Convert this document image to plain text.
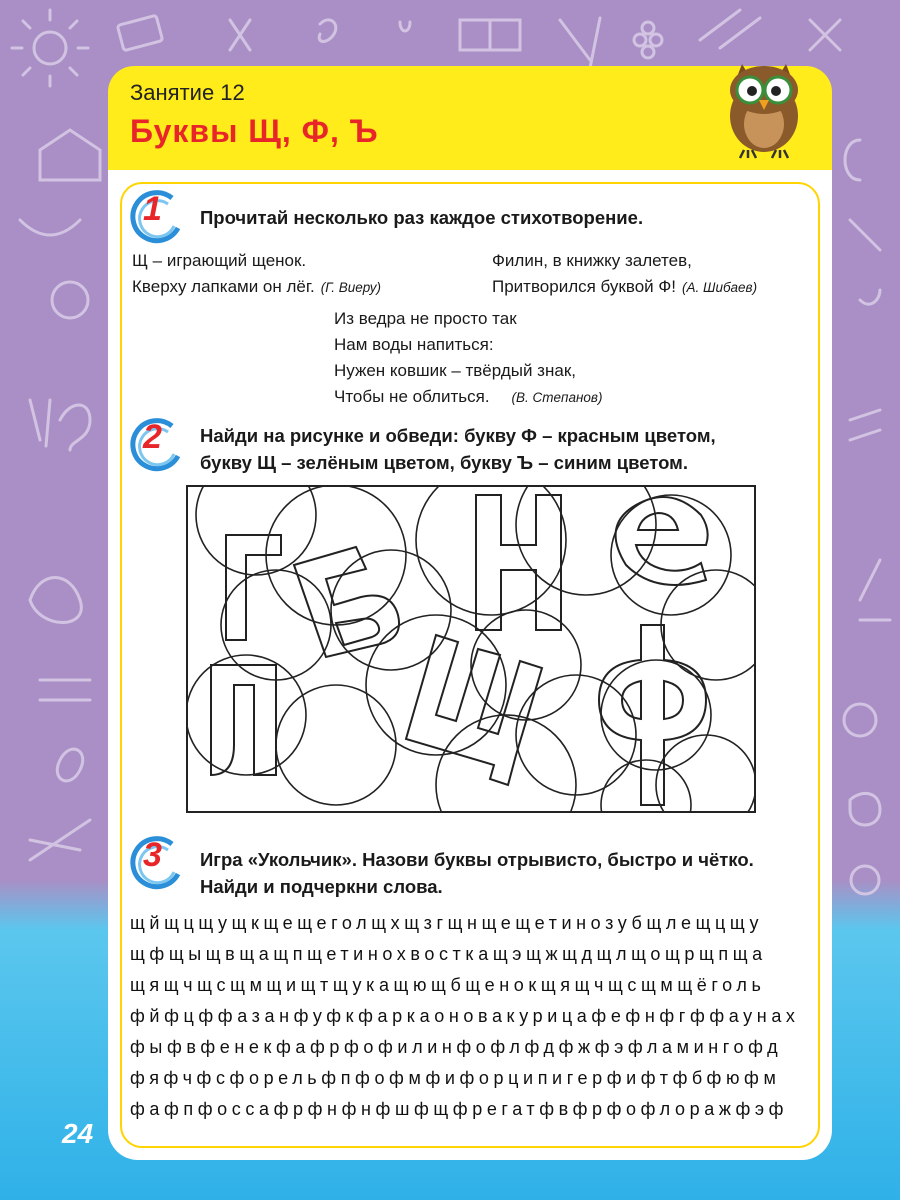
Занятие 12
Буквы Щ, Ф, Ъ
1 Прочитай несколько раз каждое стихотворение.
Щ – играющий щенок.
Кверху лапками он лёг. (Г. Виеру)
Филин, в книжку залетев,
Притворился буквой Ф! (А. Шибаев)
Из ведра не просто так
Нам воды напиться:
Нужен ковшик – твёрдый знак,
Чтобы не облиться. (В. Степанов)
2 Найди на рисунке и обведи: букву Ф – красным цветом,
букву Щ – зелёным цветом, букву Ъ – синим цветом.
3 Игра «Укольчик». Назови буквы отрывисто, быстро и чётко.
Найди и подчеркни слова.
щйщцщущкщещеголщхщзгщнщещетинозубщлещцщу
щфщыщвщащпщетинохвосткащэщжщдщлщощрщпща
щящчщсщмщищтщукащющбщенокщящчщсщмщёголь
фйфцффазанфуфкфаркаоновакурицафефнфгффаунах
фыфвфенекфафрфофилинфофлфдфжфэфламингофд
фяфчфсфорельфпфофмфифорципигерфифтфбфюфм
фафпфоссафрфнфнфшфщфрегатфвфрфофлоражфэф
24
